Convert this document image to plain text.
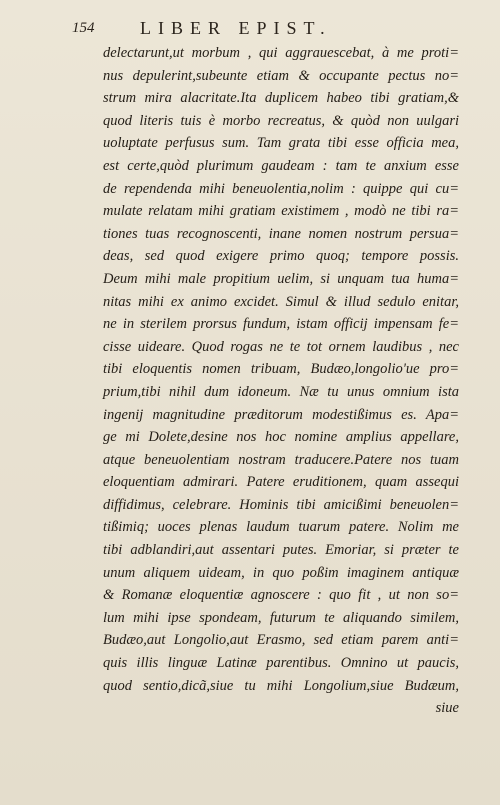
154	LIBER EPIST.
delectarunt,ut morbum , qui aggrauescebat, à me proti=
nus depulerint,subeunte etiam & occupante pectus no=
strum mira alacritate.Ita duplicem habeo tibi gratiam,&
quod literis tuis è morbo recreatus, & quòd non uulgari
uoluptate perfusus sum. Tam grata tibi esse officia mea,
est certe,quòd plurimum gaudeam : tam te anxium esse
de rependenda mihi beneuolentia,nolim : quippe qui cu=
mulate relatam mihi gratiam existimem , modò ne tibi ra=
tiones tuas recognoscenti, inane nomen nostrum persua=
deas, sed quod exigere primo quoq; tempore possis.
Deum mihi male propitium uelim, si unquam tua huma=
nitas mihi ex animo excidet. Simul & illud sedulo enitar,
ne in sterilem prorsus fundum, istam officij impensam fe=
cisse uideare. Quod rogas ne te tot ornem laudibus , nec
tibi eloquentis nomen tribuam, Budæo,longolio'ue pro=
prium,tibi nihil dum idoneum. Næ tu unus omnium ista
ingenij magnitudine præditorum modestißimus es. Apa=
ge mi Dolete,desine nos hoc nomine amplius appellare,
atque beneuolentiam nostram traducere.Patere nos tuam
eloquentiam admirari. Patere eruditionem, quam assequi
diffidimus, celebrare. Hominis tibi amicißimi beneuolen=
tißimiq; uoces plenas laudum tuarum patere. Nolim me
tibi adblandiri,aut assentari putes. Emoriar, si præter te
unum aliquem uideam, in quo poßim imaginem antiquæ
& Romanæ eloquentiæ agnoscere : quo fit , ut non so=
lum mihi ipse spondeam, futurum te aliquando similem,
Budæo,aut Longolio,aut Erasmo, sed etiam parem anti=
quis illis linguæ Latinæ parentibus. Omnino ut paucis,
quod sentio,dicã,siue tu mihi Longolium,siue Budæum,
siue
